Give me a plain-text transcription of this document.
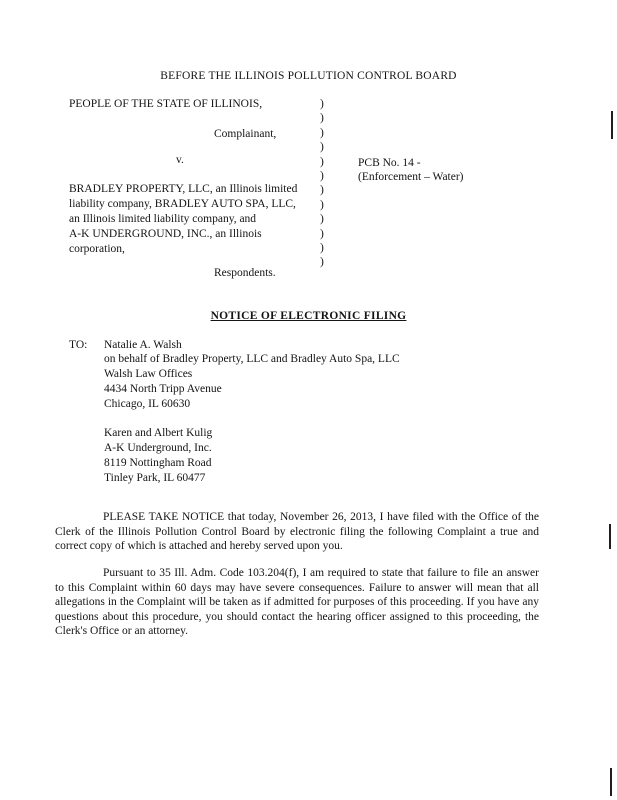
BEFORE THE ILLINOIS POLLUTION CONTROL BOARD
PEOPLE OF THE STATE OF ILLINOIS,
Complainant,
v.
BRADLEY PROPERTY, LLC, an Illinois limited
liability company, BRADLEY AUTO SPA, LLC,
an Illinois limited liability company, and
A-K UNDERGROUND, INC., an Illinois
corporation,
Respondents.
)
)
)
)
)
)
)
)
)
)
)
)
PCB No. 14 -
(Enforcement – Water)
NOTICE OF ELECTRONIC FILING
TO: Natalie A. Walsh
on behalf of Bradley Property, LLC and Bradley Auto Spa, LLC
Walsh Law Offices
4434 North Tripp Avenue
Chicago, IL 60630
Karen and Albert Kulig
A-K Underground, Inc.
8119 Nottingham Road
Tinley Park, IL 60477
PLEASE TAKE NOTICE that today, November 26, 2013, I have filed with the Office of the Clerk of the Illinois Pollution Control Board by electronic filing the following Complaint a true and correct copy of which is attached and hereby served upon you.
Pursuant to 35 Ill. Adm. Code 103.204(f), I am required to state that failure to file an answer to this Complaint within 60 days may have severe consequences. Failure to answer will mean that all allegations in the Complaint will be taken as if admitted for purposes of this proceeding. If you have any questions about this procedure, you should contact the hearing officer assigned to this proceeding, the Clerk's Office or an attorney.
